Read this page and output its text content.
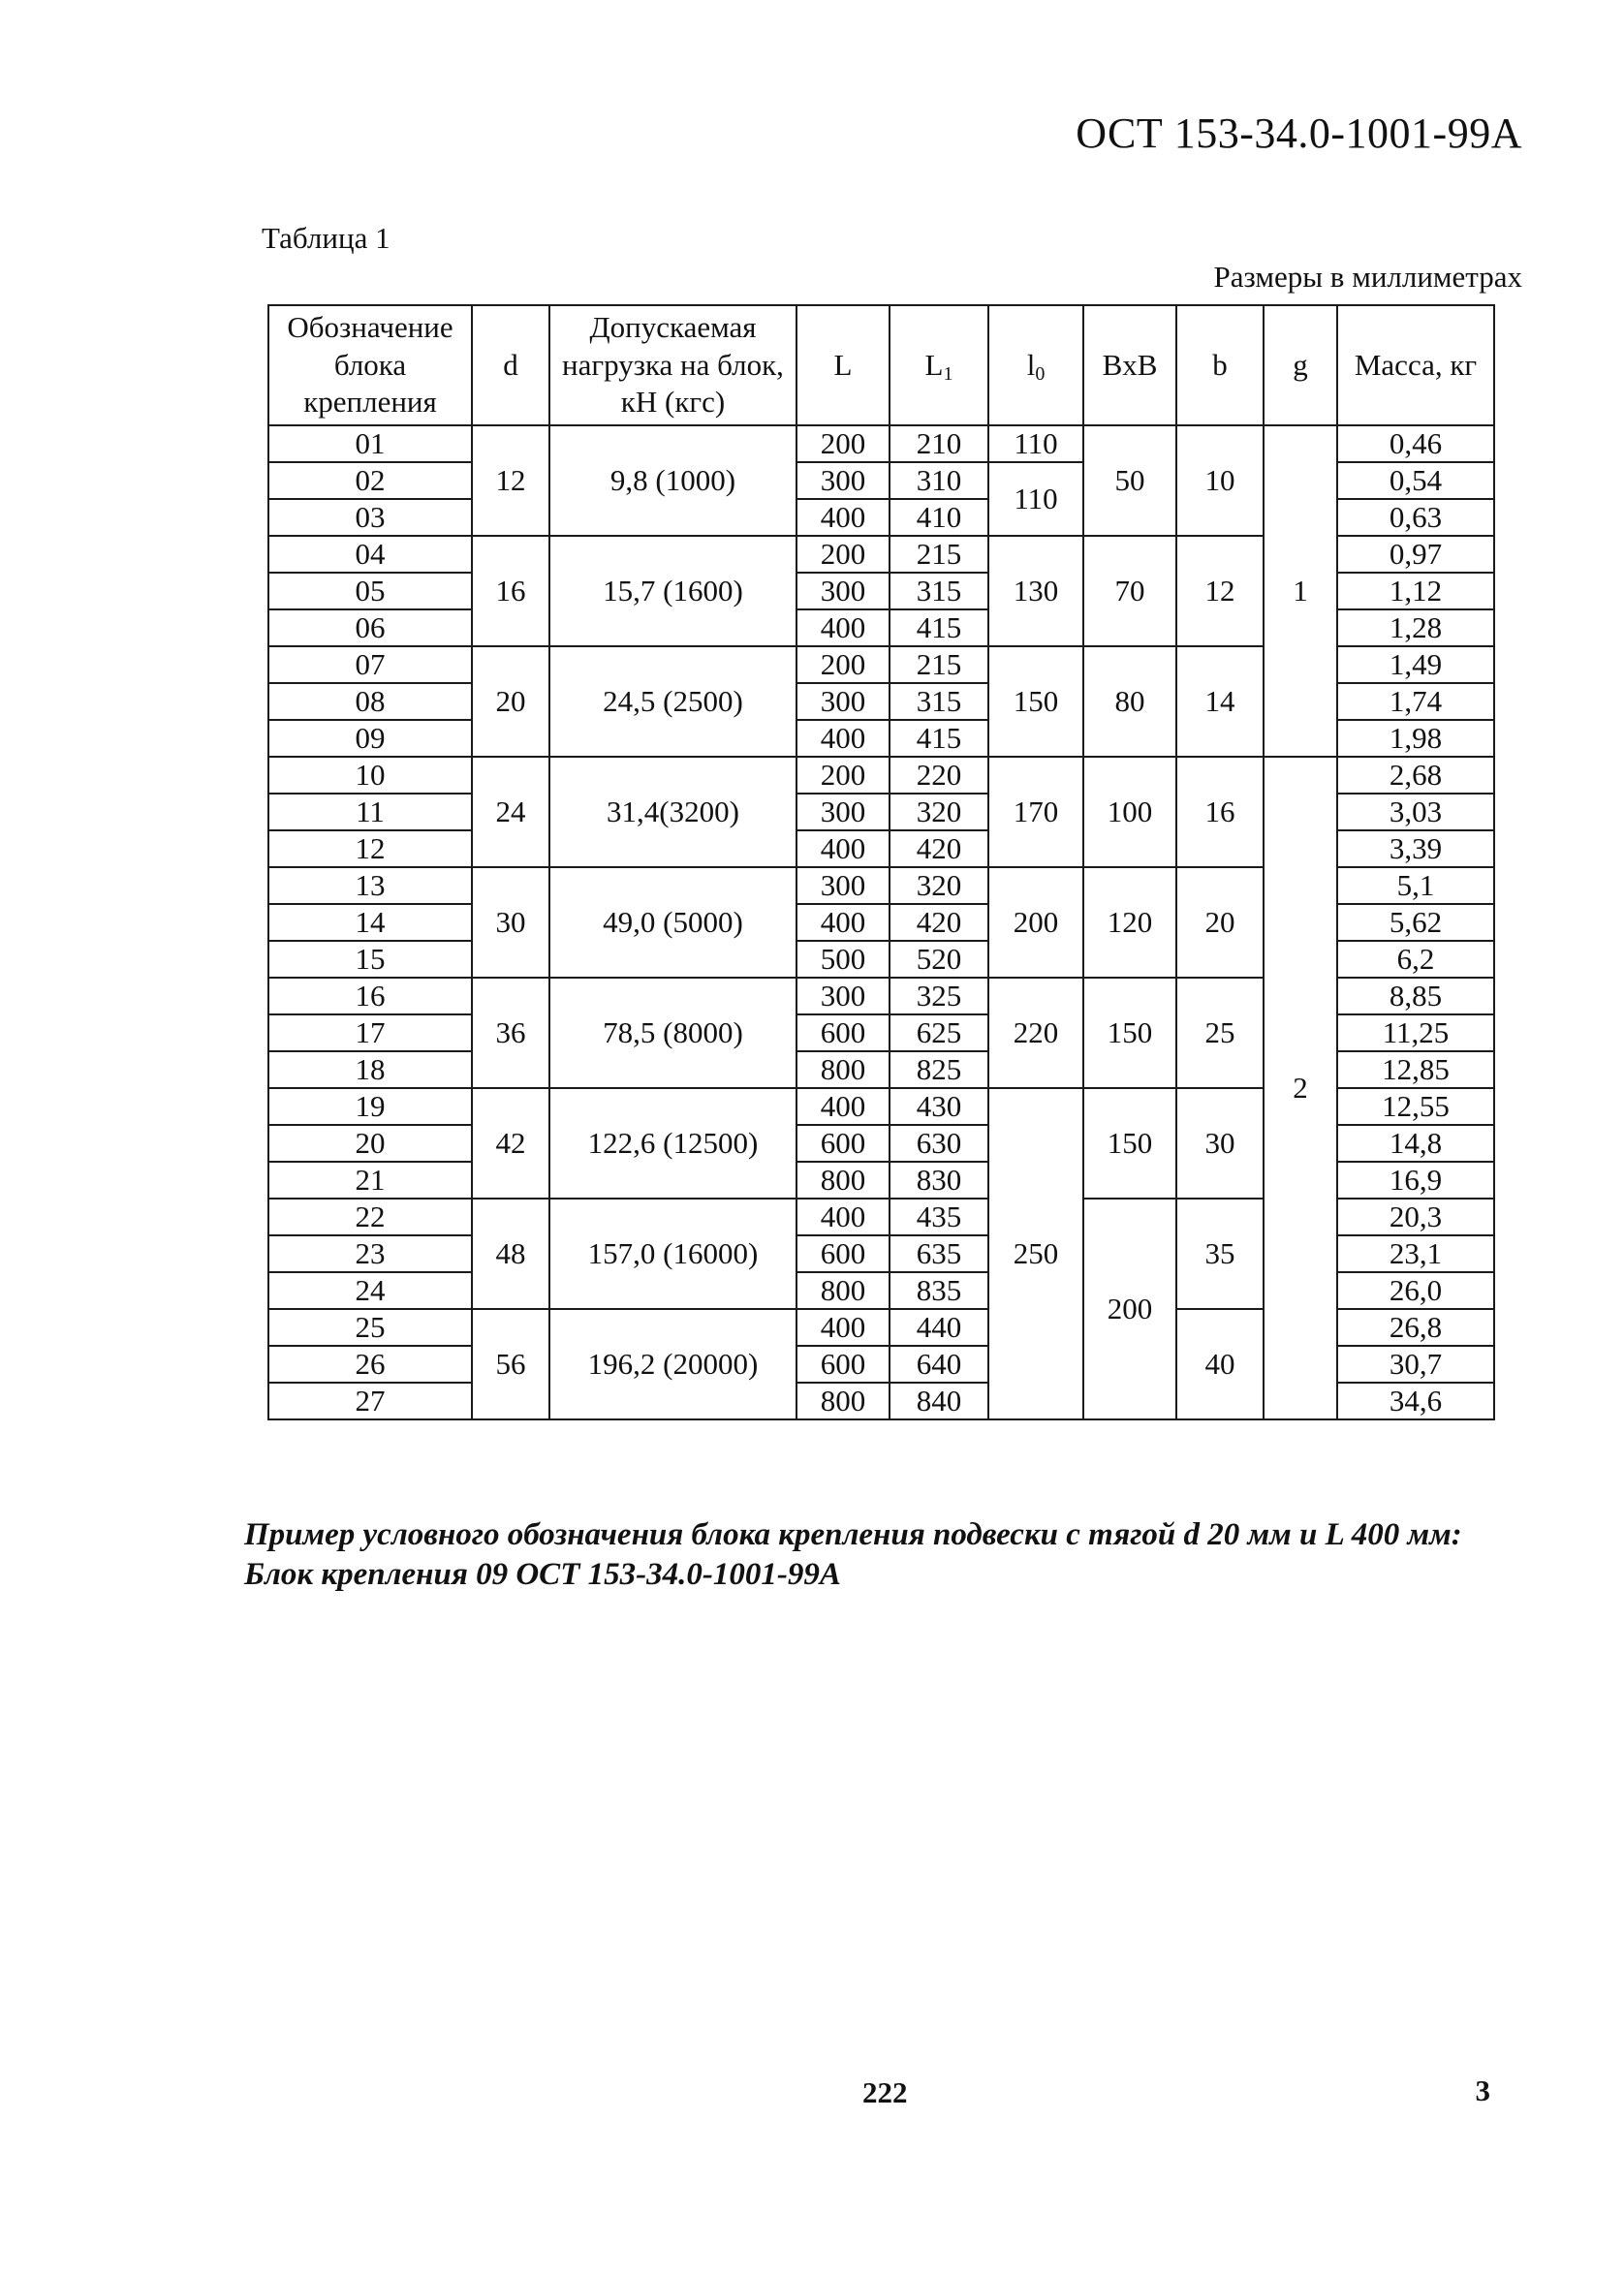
ОСТ 153-34.0-1001-99А
Таблица 1
Размеры в миллиметрах
Обозначение блока крепления	d	Допускаемая нагрузка на блок, кН (кгс)	L	L1	l0	BxB	b	g	Масса, кг
01	12	9,8 (1000)	200	210	110	50	10	1	0,46
02			300	310	110				0,54
03			400	410					0,63
04	16	15,7 (1600)	200	215	130	70	12		0,97
05			300	315					1,12
06			400	415					1,28
07	20	24,5 (2500)	200	215	150	80	14		1,49
08			300	315					1,74
09			400	415					1,98
10	24	31,4(3200)	200	220	170	100	16	2	2,68
11			300	320					3,03
12			400	420					3,39
13	30	49,0 (5000)	300	320	200	120	20		5,1
14			400	420					5,62
15			500	520					6,2
16	36	78,5 (8000)	300	325	220	150	25		8,85
17			600	625					11,25
18			800	825					12,85
19	42	122,6 (12500)	400	430	250	150	30		12,55
20			600	630					14,8
21			800	830					16,9
22	48	157,0 (16000)	400	435		200	35		20,3
23			600	635					23,1
24			800	835					26,0
25	56	196,2 (20000)	400	440			40		26,8
26			600	640					30,7
27			800	840					34,6
Пример условного обозначения блока крепления подвески с тягой d 20 мм и L 400 мм:
Блок крепления 09 ОСТ 153-34.0-1001-99А
222	3
